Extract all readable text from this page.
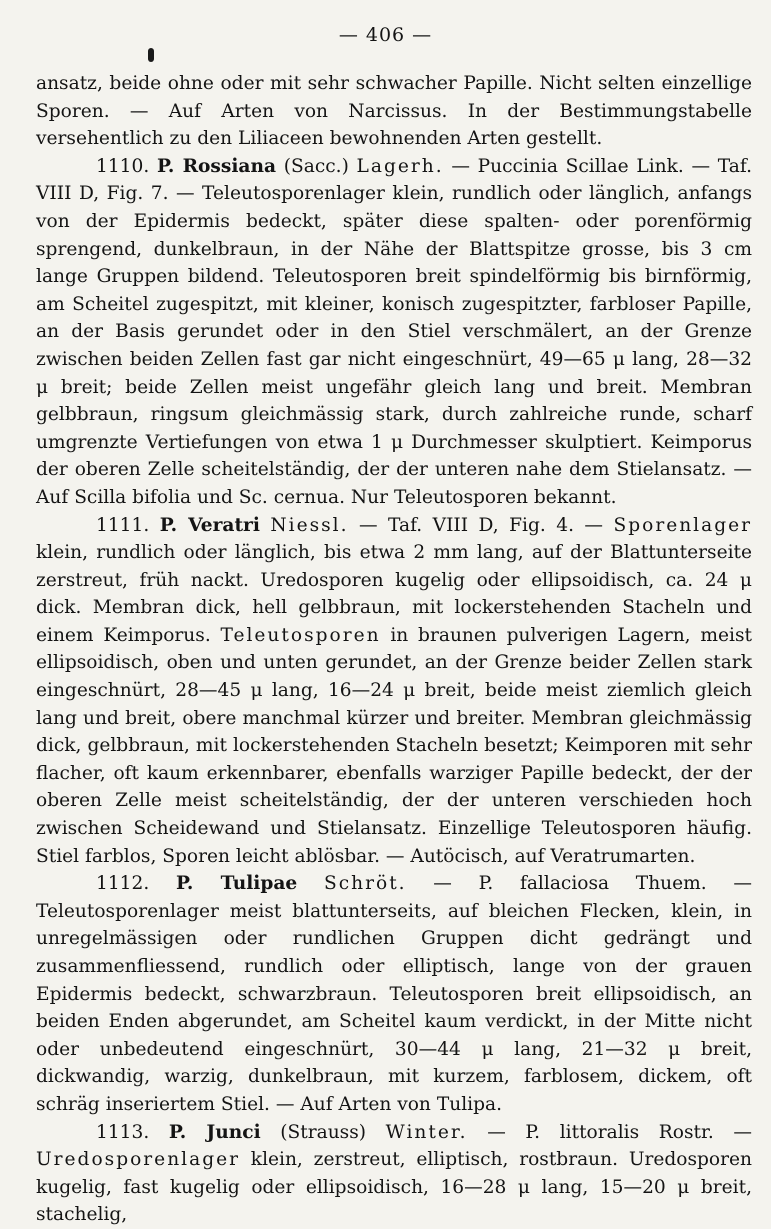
— 406 —

ansatz, beide ohne oder mit sehr schwacher Papille. Nicht selten einzellige Sporen. — Auf Arten von Narcissus. In der Bestimmungstabelle versehentlich zu den Liliaceen bewohnenden Arten gestellt.

1110. P. Rossiana (Sacc.) Lagerh. — Puccinia Scillae Link. — Taf. VIII D, Fig. 7. — Teleutosporenlager klein, rundlich oder länglich, anfangs von der Epidermis bedeckt, später diese spalten- oder porenförmig sprengend, dunkelbraun, in der Nähe der Blattspitze grosse, bis 3 cm lange Gruppen bildend. Teleutosporen breit spindelförmig bis birnförmig, am Scheitel zugespitzt, mit kleiner, konisch zugespitzter, farbloser Papille, an der Basis gerundet oder in den Stiel verschmälert, an der Grenze zwischen beiden Zellen fast gar nicht eingeschnürt, 49—65 μ lang, 28—32 μ breit; beide Zellen meist ungefähr gleich lang und breit. Membran gelbbraun, ringsum gleichmässig stark, durch zahlreiche runde, scharf umgrenzte Vertiefungen von etwa 1 μ Durchmesser skulptiert. Keimporus der oberen Zelle scheitelständig, der der unteren nahe dem Stielansatz. — Auf Scilla bifolia und Sc. cernua. Nur Teleutosporen bekannt.

1111. P. Veratri Niessl. — Taf. VIII D, Fig. 4. — Sporenlager klein, rundlich oder länglich, bis etwa 2 mm lang, auf der Blattunterseite zerstreut, früh nackt. Uredosporen kugelig oder ellipsoidisch, ca. 24 μ dick. Membran dick, hell gelbbraun, mit lockerstehenden Stacheln und einem Keimporus. Teleutosporen in braunen pulverigen Lagern, meist ellipsoidisch, oben und unten gerundet, an der Grenze beider Zellen stark eingeschnürt, 28—45 μ lang, 16—24 μ breit, beide meist ziemlich gleich lang und breit, obere manchmal kürzer und breiter. Membran gleichmässig dick, gelbbraun, mit lockerstehenden Stacheln besetzt; Keimporen mit sehr flacher, oft kaum erkennbarer, ebenfalls warziger Papille bedeckt, der der oberen Zelle meist scheitelständig, der der unteren verschieden hoch zwischen Scheidewand und Stielansatz. Einzellige Teleutosporen häufig. Stiel farblos, Sporen leicht ablösbar. — Autöcisch, auf Veratrumarten.

1112. P. Tulipae Schröt. — P. fallaciosa Thuem. — Teleutosporenlager meist blattunterseits, auf bleichen Flecken, klein, in unregelmässigen oder rundlichen Gruppen dicht gedrängt und zusammenfliessend, rundlich oder elliptisch, lange von der grauen Epidermis bedeckt, schwarzbraun. Teleutosporen breit ellipsoidisch, an beiden Enden abgerundet, am Scheitel kaum verdickt, in der Mitte nicht oder unbedeutend eingeschnürt, 30—44 μ lang, 21—32 μ breit, dickwandig, warzig, dunkelbraun, mit kurzem, farblosem, dickem, oft schräg inseriertem Stiel. — Auf Arten von Tulipa.

1113. P. Junci (Strauss) Winter. — P. littoralis Rostr. — Uredosporenlager klein, zerstreut, elliptisch, rostbraun. Uredosporen kugelig, fast kugelig oder ellipsoidisch, 16—28 μ lang, 15—20 μ breit, stachelig,
